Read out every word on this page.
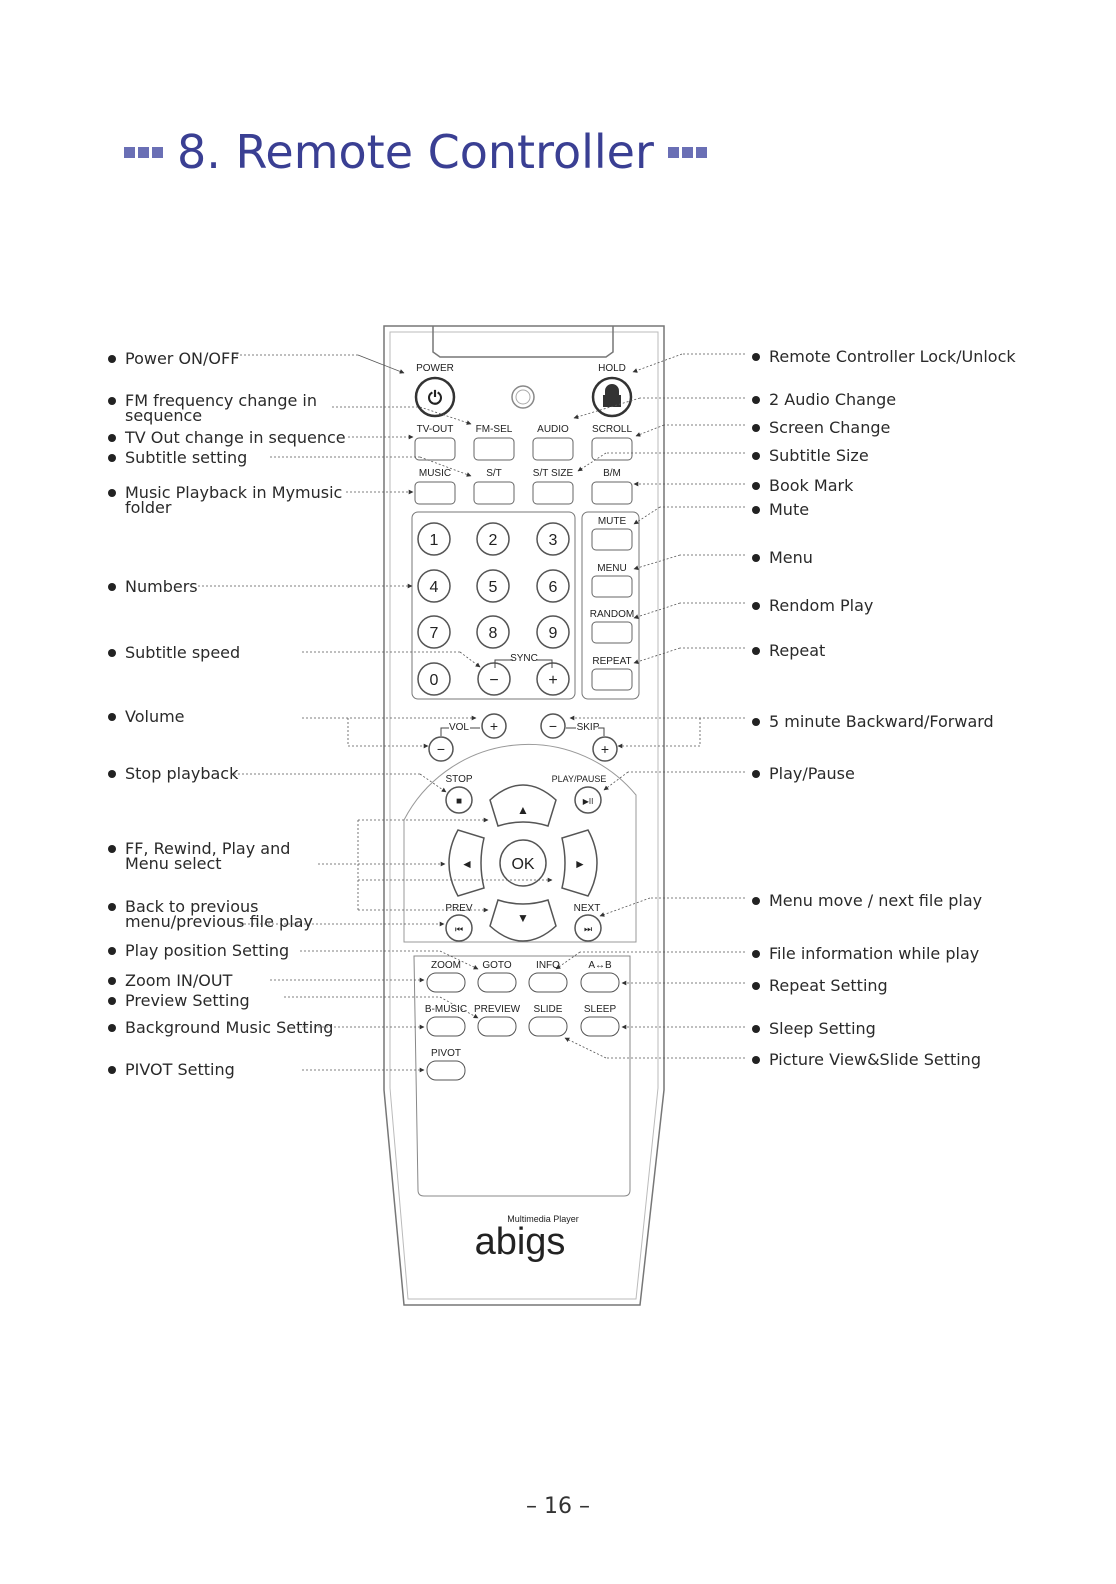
8. Remote Controller
POWER
⏻
HOLD
TV-OUT FM-SEL AUDIO SCROLL
MUSIC	S/T	S/T SIZE	B/M
1	2	3
4	5	6
7	8	9
0	−	+
SYNC
MUTE
MENU
RANDOM
REPEAT
VOL	SKIP
+
−
−
+
STOP
■
PLAY/PAUSE
▶II
▲
▼
◄	►
OK
PREV
⏮
NEXT
⏭
ZOOM GOTO INFO	A↔B
B-MUSIC PREVIEW SLIDE SLEEP
PIVOT
Multimedia Player
abigs
Power ON/OFF
FM frequency change in
sequence
TV Out change in sequence
Subtitle setting
Music Playback in Mymusic
folder
Numbers
Subtitle speed
Volume
Stop playback
FF, Rewind, Play and
Menu select
Back to previous
menu/previous file play
Play position Setting
Zoom IN/OUT
Preview Setting
Background Music Setting
PIVOT Setting
Remote Controller Lock/Unlock
2 Audio Change
Screen Change
Subtitle Size
Book Mark
Mute
Menu
Rendom Play
Repeat
5 minute Backward/Forward
Play/Pause
Menu move / next file play
File information while play
Repeat Setting
Sleep Setting
Picture View&Slide Setting
– 16 –
